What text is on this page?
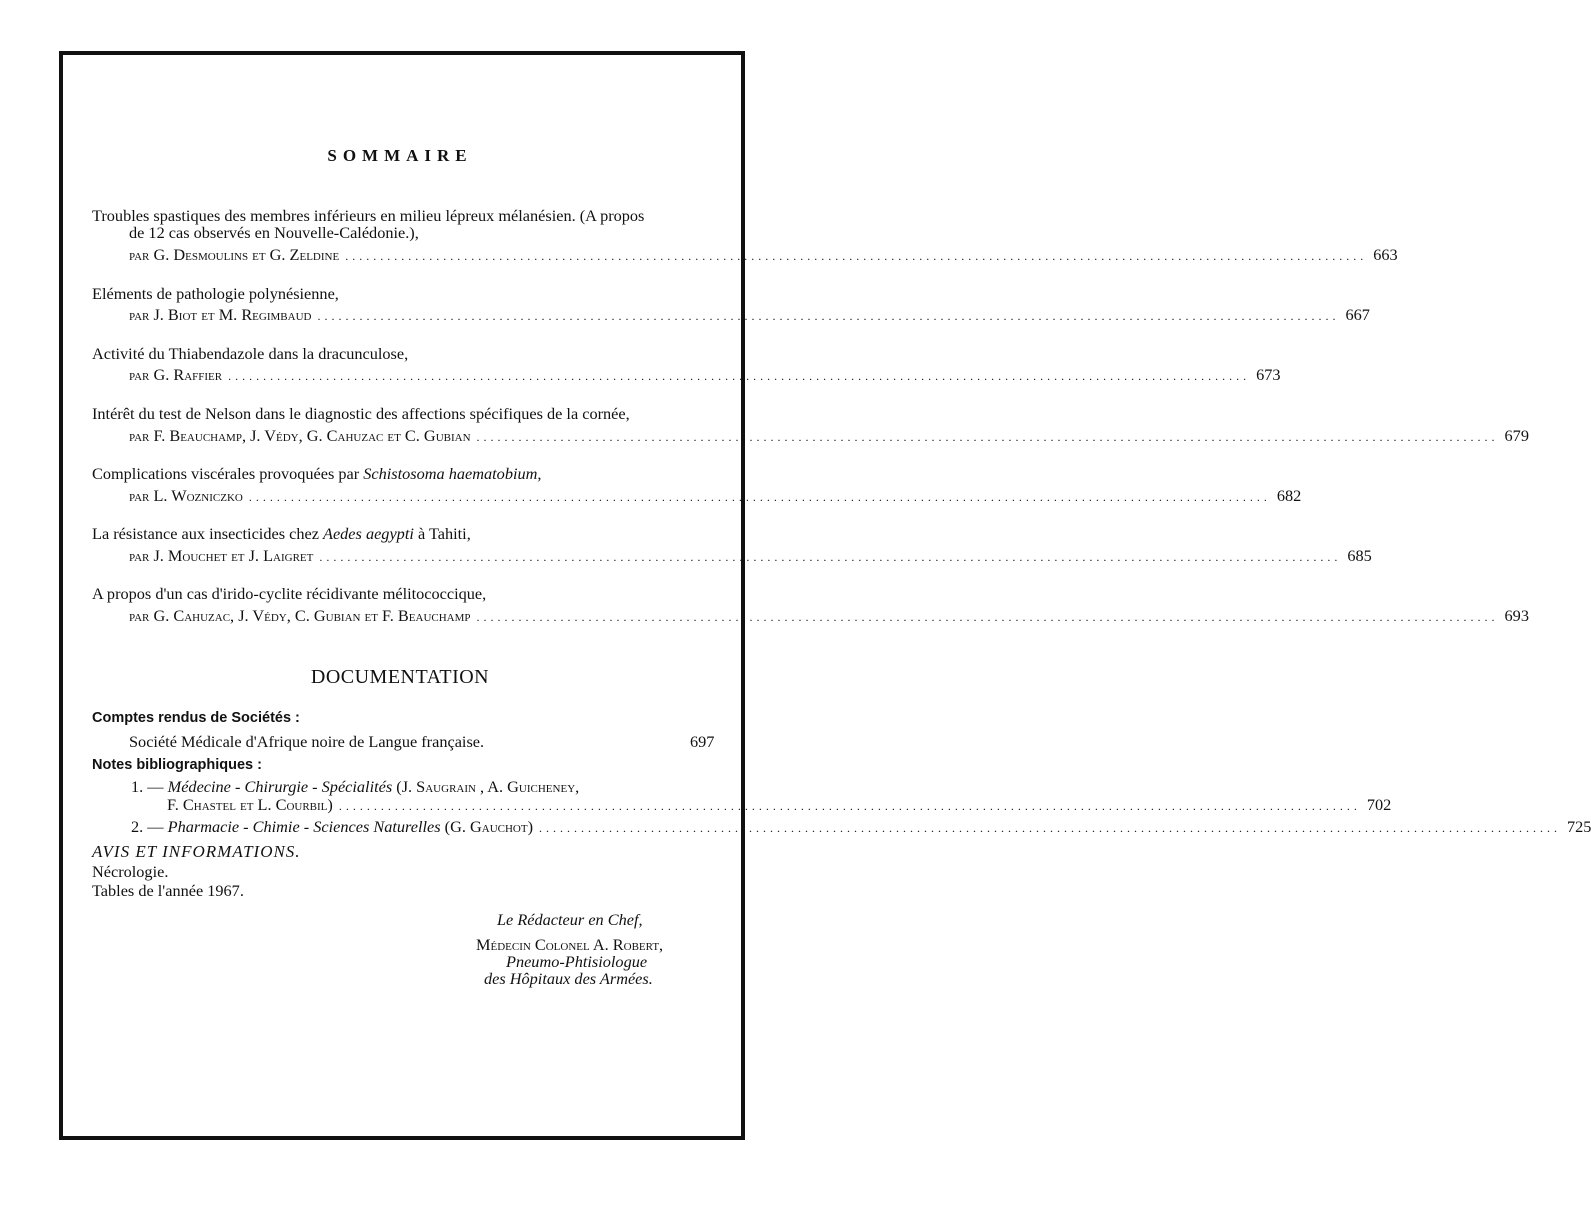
SOMMAIRE
Troubles spastiques des membres inférieurs en milieu lépreux mélanésien. (A propos
de 12 cas observés en Nouvelle-Calédonie.),
par G. Desmoulins et G. Zeldine .................................................................................................................................................. 663
Eléments de pathologie polynésienne,
par J. Biot et M. Regimbaud .................................................................................................................................................. 667
Activité du Thiabendazole dans la dracunculose,
par G. Raffier .................................................................................................................................................. 673
Intérêt du test de Nelson dans le diagnostic des affections spécifiques de la cornée,
par F. Beauchamp, J. Védy, G. Cahuzac et C. Gubian .................................................................................................................................................. 679
Complications viscérales provoquées par Schistosoma haematobium,
par L. Wozniczko .................................................................................................................................................. 682
La résistance aux insecticides chez Aedes aegypti à Tahiti,
par J. Mouchet et J. Laigret .................................................................................................................................................. 685
A propos d'un cas d'irido-cyclite récidivante mélitococcique,
par G. Cahuzac, J. Védy, C. Gubian et F. Beauchamp .................................................................................................................................................. 693
DOCUMENTATION
Comptes rendus de Sociétés :
Société Médicale d'Afrique noire de Langue française.	697
Notes bibliographiques :
1. — Médecine - Chirurgie - Spécialités (J. Saugrain , A. Guicheney,
F. Chastel et L. Courbil) .................................................................................................................................................. 702
2. — Pharmacie - Chimie - Sciences Naturelles (G. Gauchot) .................................................................................................................................................. 725
AVIS ET INFORMATIONS.
Nécrologie.
Tables de l'année 1967.
Le Rédacteur en Chef,
Médecin Colonel A. Robert,
Pneumo-Phtisiologue
des Hôpitaux des Armées.
